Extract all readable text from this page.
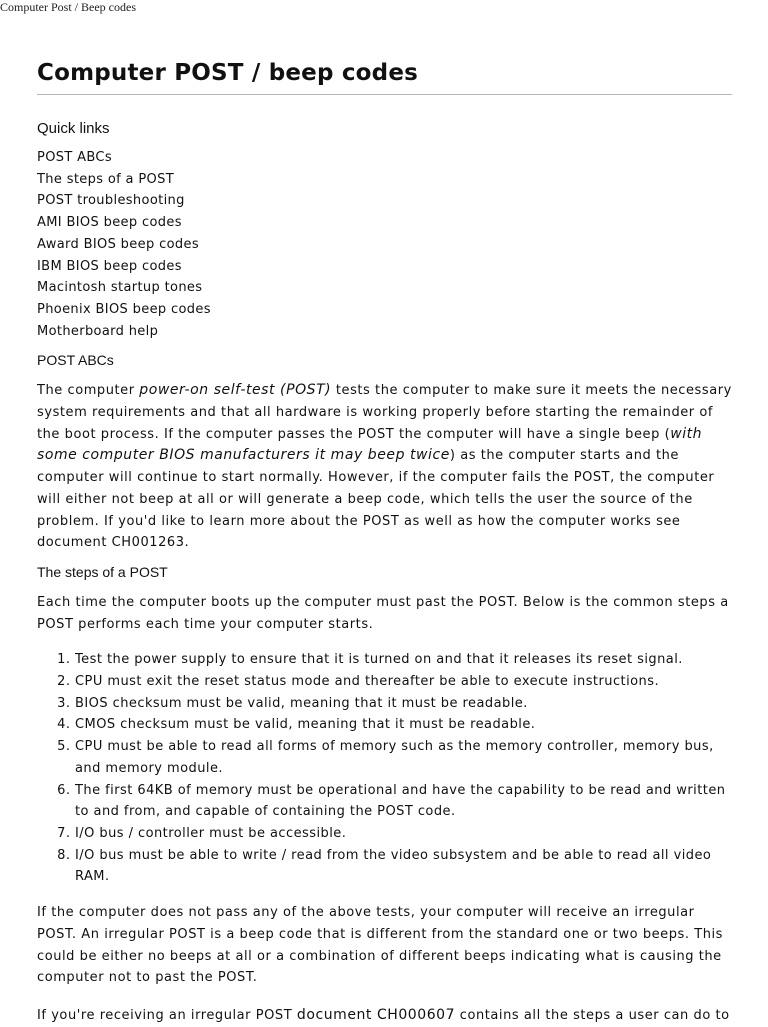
Computer Post / Beep codes
Computer POST / beep codes
Quick links
POST ABCs
The steps of a POST
POST troubleshooting
AMI BIOS beep codes
Award BIOS beep codes
IBM BIOS beep codes
Macintosh startup tones
Phoenix BIOS beep codes
Motherboard help
POST ABCs

The computer power-on self-test (POST) tests the computer to make sure it meets the necessary system requirements and that all hardware is working properly before starting the remainder of the boot process. If the computer passes the POST the computer will have a single beep (with some computer BIOS manufacturers it may beep twice) as the computer starts and the computer will continue to start normally. However, if the computer fails the POST, the computer will either not beep at all or will generate a beep code, which tells the user the source of the problem. If you'd like to learn more about the POST as well as how the computer works see document CH001263.

The steps of a POST

Each time the computer boots up the computer must past the POST. Below is the common steps a POST performs each time your computer starts.

1. Test the power supply to ensure that it is turned on and that it releases its reset signal.
2. CPU must exit the reset status mode and thereafter be able to execute instructions.
3. BIOS checksum must be valid, meaning that it must be readable.
4. CMOS checksum must be valid, meaning that it must be readable.
5. CPU must be able to read all forms of memory such as the memory controller, memory bus, and memory module.
6. The first 64KB of memory must be operational and have the capability to be read and written to and from, and capable of containing the POST code.
7. I/O bus / controller must be accessible.
8. I/O bus must be able to write / read from the video subsystem and be able to read all video RAM.

If the computer does not pass any of the above tests, your computer will receive an irregular POST. An irregular POST is a beep code that is different from the standard one or two beeps. This could be either no beeps at all or a combination of different beeps indicating what is causing the computer not to past the POST.

If you're receiving an irregular POST document CH000607 contains all the steps a user can do to
